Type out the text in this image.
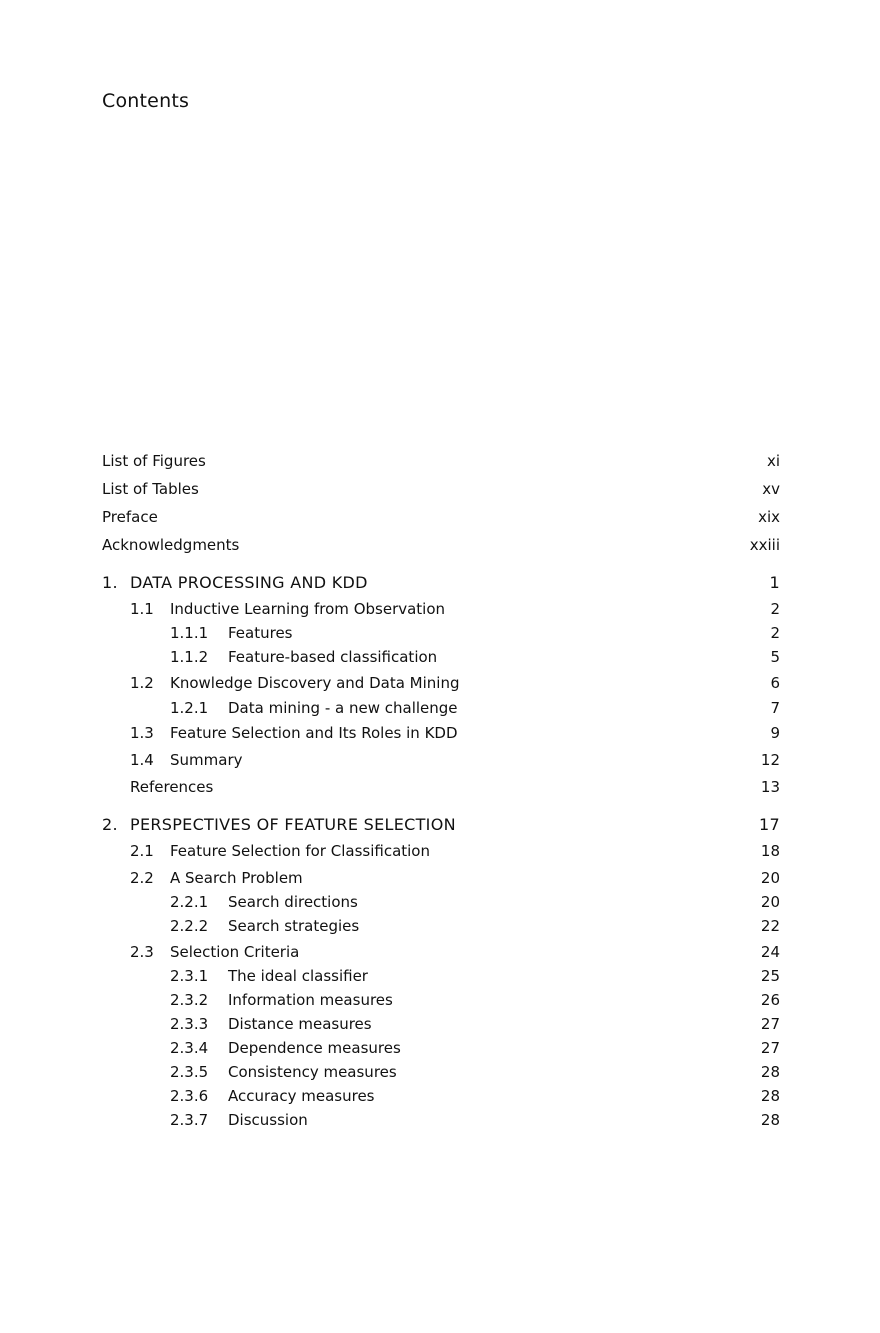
Contents
List of Figures	xi
List of Tables	xv
Preface	xix
Acknowledgments	xxiii
1. DATA PROCESSING AND KDD	1
1.1 Inductive Learning from Observation	2
1.1.1 Features	2
1.1.2 Feature-based classification	5
1.2 Knowledge Discovery and Data Mining	6
1.2.1 Data mining - a new challenge	7
1.3 Feature Selection and Its Roles in KDD	9
1.4 Summary	12
References	13
2. PERSPECTIVES OF FEATURE SELECTION	17
2.1 Feature Selection for Classification	18
2.2 A Search Problem	20
2.2.1 Search directions	20
2.2.2 Search strategies	22
2.3 Selection Criteria	24
2.3.1 The ideal classifier	25
2.3.2 Information measures	26
2.3.3 Distance measures	27
2.3.4 Dependence measures	27
2.3.5 Consistency measures	28
2.3.6 Accuracy measures	28
2.3.7 Discussion	28
